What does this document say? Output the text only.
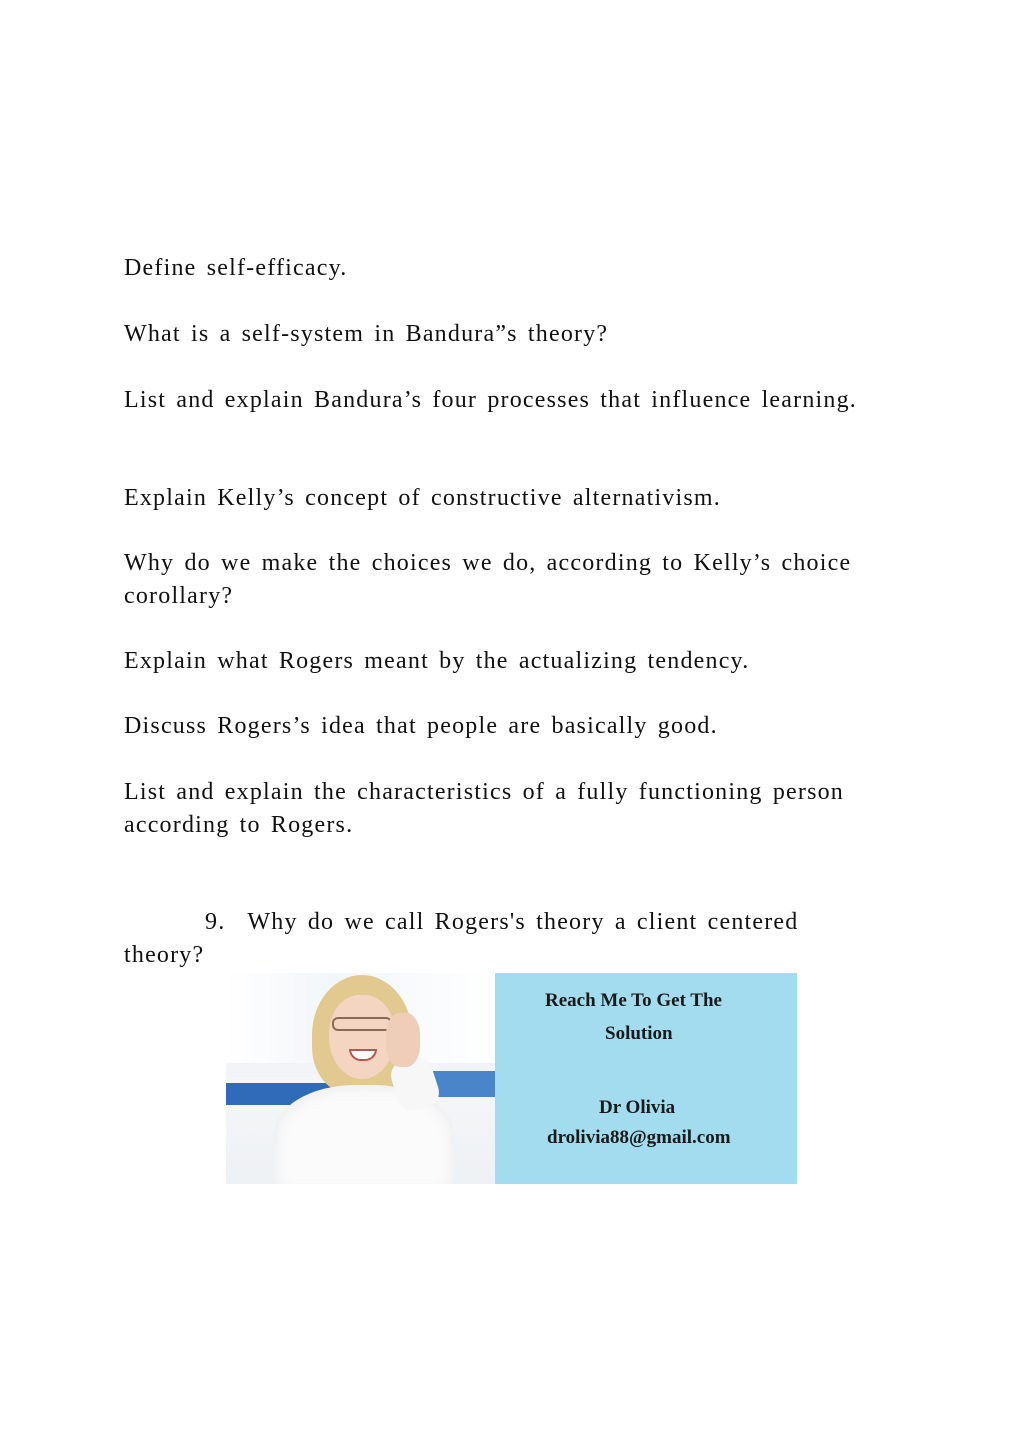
Define self-efficacy.

What is a self-system in Bandura”s theory?

List and explain Bandura’s four processes that influence learning.

Explain Kelly’s concept of constructive alternativism.

Why do we make the choices we do, according to Kelly’s choice corollary?

Explain what Rogers meant by the actualizing tendency.

Discuss Rogers’s idea that people are basically good.

List and explain the characteristics of a fully functioning person according to Rogers.

9. Why do we call Rogers's theory a client centered
theory?
Reach Me To Get The
Solution
Dr Olivia
drolivia88@gmail.com
